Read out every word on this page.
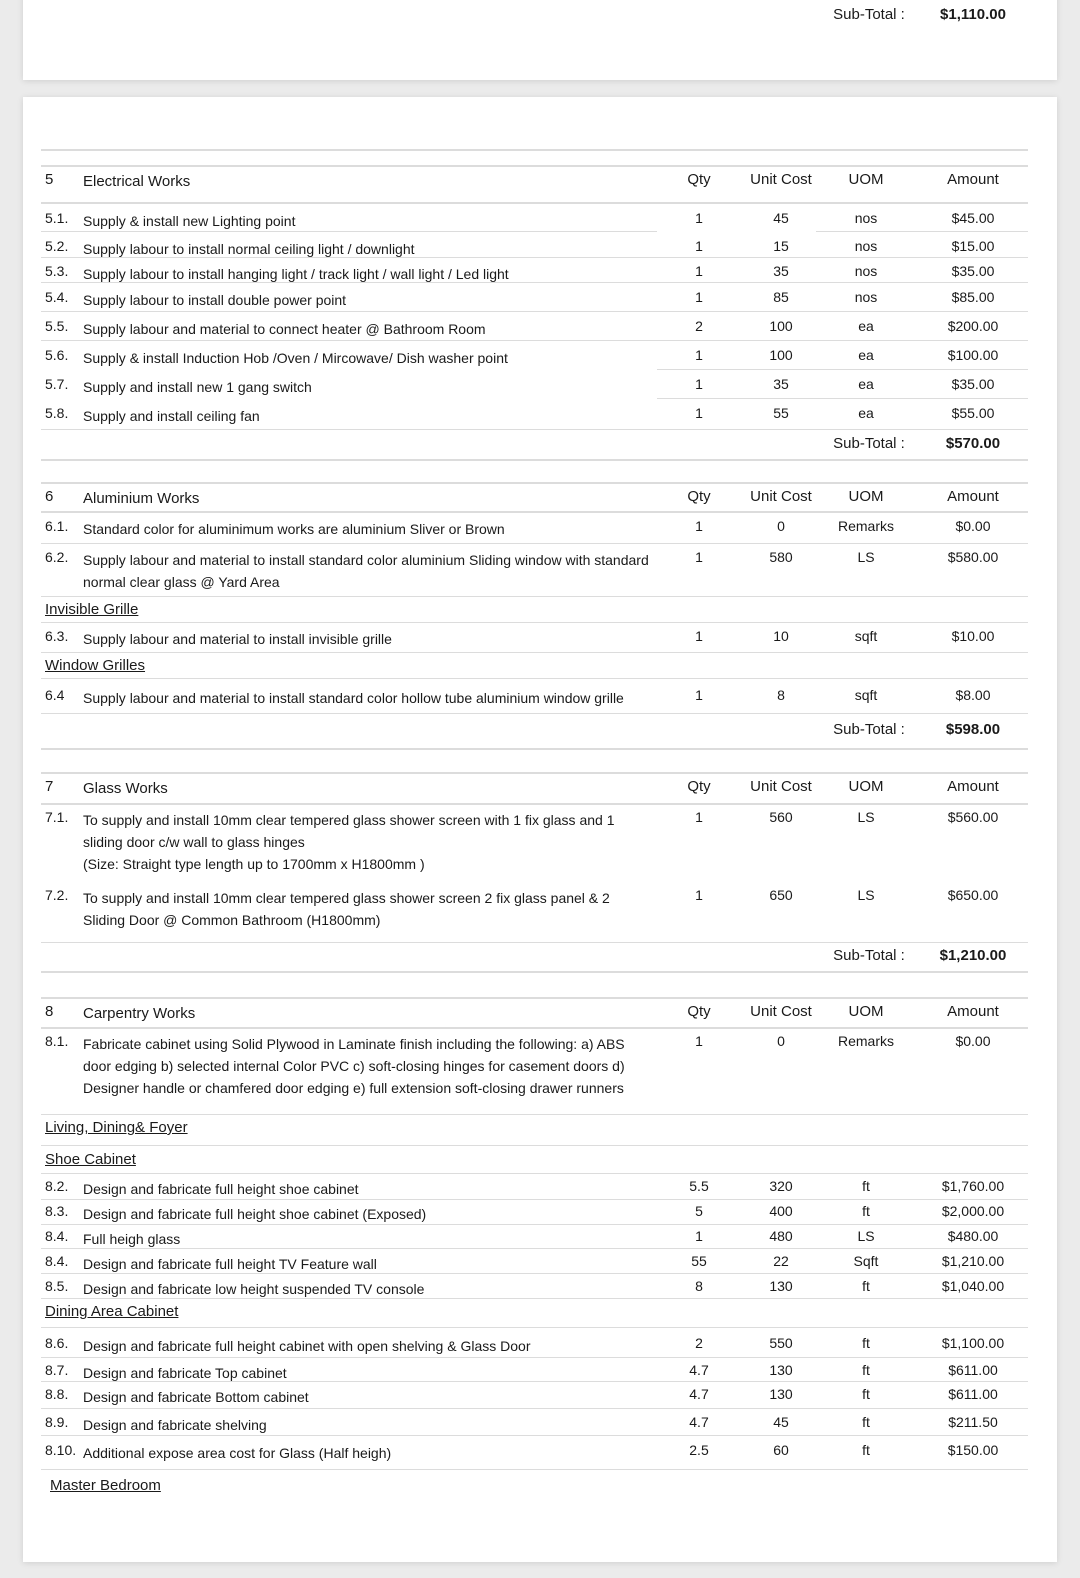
Sub-Total :	$1,110.00
5 Electrical Works	Qty	Unit Cost	UOM	Amount
5.1. Supply & install new Lighting point	1	45	nos	$45.00
5.2. Supply labour to install normal ceiling light / downlight	1	15	nos	$15.00
5.3. Supply labour to install hanging light / track light / wall light / Led light	1	35	nos	$35.00
5.4. Supply labour to install double power point	1	85	nos	$85.00
5.5. Supply labour and material to connect heater @ Bathroom Room	2	100	ea	$200.00
5.6. Supply & install Induction Hob /Oven / Mircowave/ Dish washer point	1	100	ea	$100.00
5.7. Supply and install new 1 gang switch	1	35	ea	$35.00
5.8. Supply and install ceiling fan	1	55	ea	$55.00
Sub-Total :	$570.00
6 Aluminium Works	Qty	Unit Cost	UOM	Amount
6.1. Standard color for aluminimum works are aluminium Sliver or Brown	1	0	Remarks	$0.00
6.2. Supply labour and material to install standard color aluminium Sliding window with standard normal clear glass @ Yard Area
1	580	LS	$580.00
Invisible Grille
6.3. Supply labour and material to install invisible grille	1	10	sqft	$10.00
Window Grilles
6.4 Supply labour and material to install standard color hollow tube aluminium window grille	1	8	sqft	$8.00
Sub-Total :	$598.00
7 Glass Works	Qty	Unit Cost	UOM	Amount
7.1. To supply and install 10mm clear tempered glass shower screen with 1 fix glass and 1 sliding door c/w wall to glass hinges
(Size: Straight type length up to 1700mm x H1800mm )
1	560	LS	$560.00
7.2. To supply and install 10mm clear tempered glass shower screen 2 fix glass panel & 2 Sliding Door @ Common Bathroom (H1800mm)
1	650	LS	$650.00
Sub-Total :	$1,210.00
8 Carpentry Works	Qty	Unit Cost	UOM	Amount
8.1. Fabricate cabinet using Solid Plywood in Laminate finish including the following: a) ABS door edging b) selected internal Color PVC c) soft-closing hinges for casement doors d) Designer handle or chamfered door edging e) full extension soft-closing drawer runners
1	0	Remarks	$0.00
Living, Dining& Foyer
Shoe Cabinet
8.2. Design and fabricate full height shoe cabinet	5.5	320	ft	$1,760.00
8.3. Design and fabricate full height shoe cabinet (Exposed)	5	400	ft	$2,000.00
8.4. Full heigh glass	1	480	LS	$480.00
8.4. Design and fabricate full height TV Feature wall	55	22	Sqft	$1,210.00
8.5. Design and fabricate low height suspended TV console	8	130	ft	$1,040.00
Dining Area Cabinet
8.6. Design and fabricate full height cabinet with open shelving & Glass Door	2	550	ft	$1,100.00
8.7. Design and fabricate Top cabinet	4.7	130	ft	$611.00
8.8. Design and fabricate Bottom cabinet	4.7	130	ft	$611.00
8.9. Design and fabricate shelving	4.7	45	ft	$211.50
8.10. Additional expose area cost for Glass (Half heigh)	2.5	60	ft	$150.00
Master Bedroom
